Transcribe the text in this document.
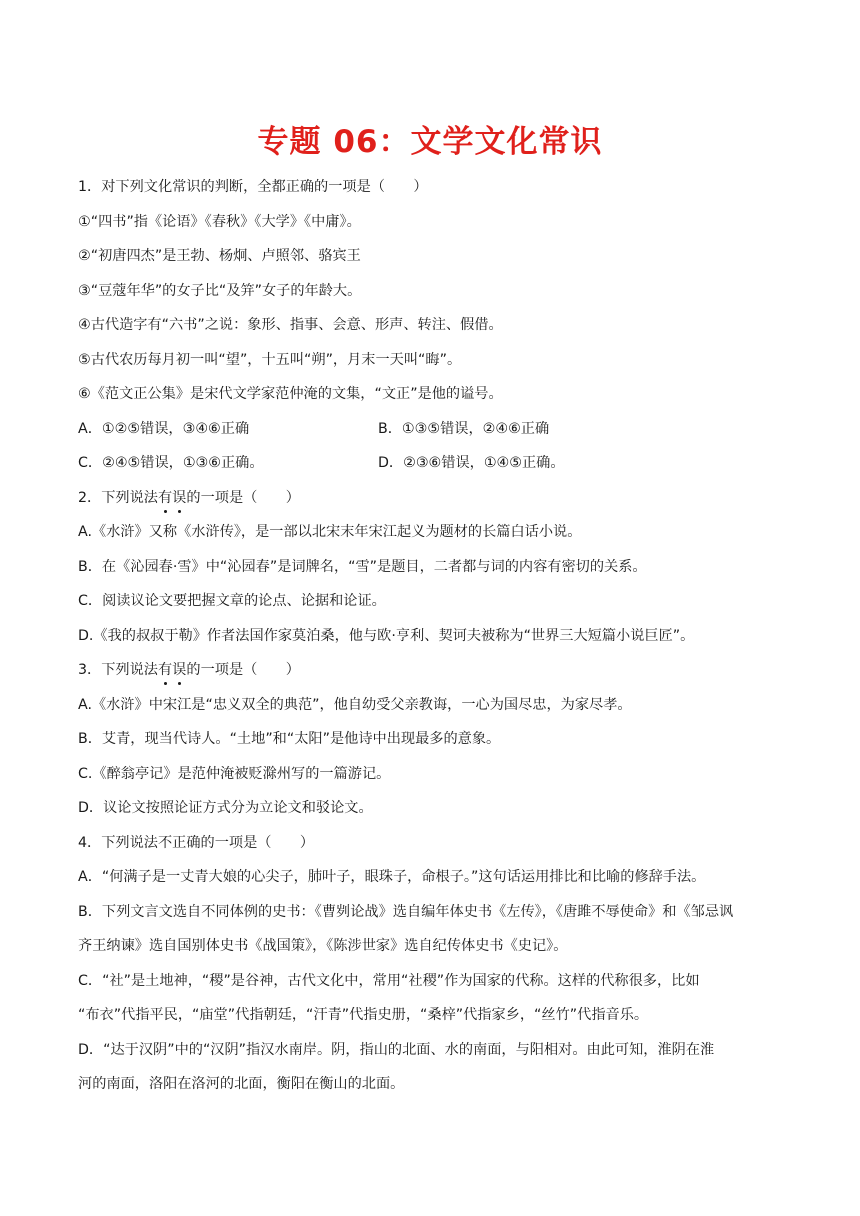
专题 06：文学文化常识
1．对下列文化常识的判断，全都正确的一项是（　　）
①“四书”指《论语》《春秋》《大学》《中庸》。
②“初唐四杰”是王勃、杨炯、卢照邻、骆宾王
③“豆蔻年华”的女子比“及笄”女子的年龄大。
④古代造字有“六书”之说：象形、指事、会意、形声、转注、假借。
⑤古代农历每月初一叫“望”，十五叫“朔”，月末一天叫“晦”。
⑥《范文正公集》是宋代文学家范仲淹的文集，“文正”是他的谥号。
A．①②⑤错误，③④⑥正确	B．①③⑤错误，②④⑥正确
C．②④⑤错误，①③⑥正确。	D．②③⑥错误，①④⑤正确。
2．下列说法有误的一项是（　　）
A.《水浒》又称《水浒传》，是一部以北宋末年宋江起义为题材的长篇白话小说。
B．在《沁园春·雪》中“沁园春”是词牌名，“雪”是题目，二者都与词的内容有密切的关系。
C．阅读议论文要把握文章的论点、论据和论证。
D.《我的叔叔于勒》作者法国作家莫泊桑，他与欧·亨利、契诃夫被称为“世界三大短篇小说巨匠”。
3．下列说法有误的一项是（　　）
A.《水浒》中宋江是“忠义双全的典范”，他自幼受父亲教诲，一心为国尽忠，为家尽孝。
B．艾青，现当代诗人。“土地”和“太阳”是他诗中出现最多的意象。
C.《醉翁亭记》是范仲淹被贬滁州写的一篇游记。
D．议论文按照论证方式分为立论文和驳论文。
4．下列说法不正确的一项是（　　）
A．“何满子是一丈青大娘的心尖子，肺叶子，眼珠子，命根子。”这句话运用排比和比喻的修辞手法。
B．下列文言文选自不同体例的史书：《曹刿论战》选自编年体史书《左传》，《唐雎不辱使命》和《邹忌讽
齐王纳谏》选自国别体史书《战国策》，《陈涉世家》选自纪传体史书《史记》。
C．“社”是土地神，“稷”是谷神，古代文化中，常用“社稷”作为国家的代称。这样的代称很多，比如
“布衣”代指平民，“庙堂”代指朝廷，“汗青”代指史册，“桑梓”代指家乡，“丝竹”代指音乐。
D．“达于汉阴”中的“汉阴”指汉水南岸。阴，指山的北面、水的南面，与阳相对。由此可知，淮阴在淮
河的南面，洛阳在洛河的北面，衡阳在衡山的北面。
